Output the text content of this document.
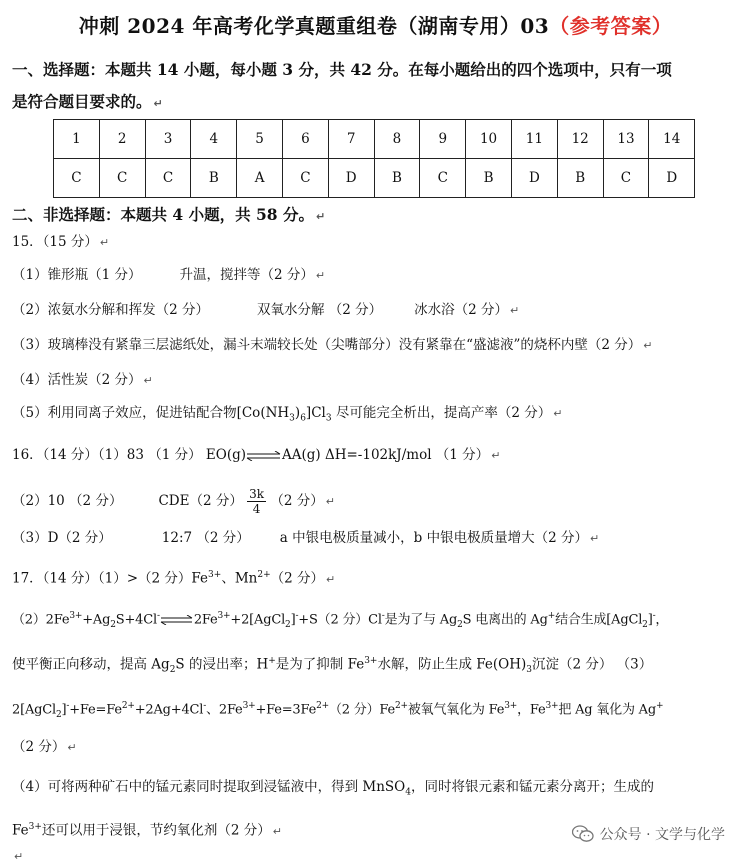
冲刺 2024 年高考化学真题重组卷（湖南专用）03（参考答案）
一、选择题：本题共 14 小题，每小题 3 分，共 42 分。在每小题给出的四个选项中，只有一项
是符合题目要求的。 ↵
1	2	3	4	5	6	7	8	9	10	11	12	13	14
C	C	C	B	A	C	D	B	C	B	D	B	C	D
二、非选择题：本题共 4 小题，共 58 分。 ↵
15．（15 分） ↵
（1）锥形瓶（1 分）	升温，搅拌等（2 分） ↵
（2）浓氨水分解和挥发（2 分）	双氧水分解 （2 分） 冰水浴（2 分） ↵
（3）玻璃棒没有紧靠三层滤纸处，漏斗末端较长处（尖嘴部分）没有紧靠在“盛滤液”的烧杯内壁（2 分） ↵
（4）活性炭（2 分） ↵
（5）利用同离子效应，促进钴配合物$[Co(NH_3)_6]Cl_3$ 尽可能完全析出，提高产率（2 分） ↵
16．（14 分）（1）83 （1 分） EO(g)⇌AA(g) ΔH=-102kJ/mol （1 分） ↵
（2）10 （2 分）	CDE（2 分） $\frac{3k}{4} (2$ 分） ↵
（3）D（2 分）	12:7 （2 分） a 中银电极质量减小，b 中银电极质量增大（2 分） ↵
17．（14 分）（1）>（2 分）$Fe^{3+}$、$Mn^{2+}(2$ 分） ↵
$(2)2Fe^{3+}+Ag_2S+4Cl^-\rightleftharpoons 2Fe^{3+}+2[AgCl_2]^-+S(2$ 分）Cl-是为了与 $Ag_2S$ 电离出的 Ag+结合生成[AgCl$_2$]-，
使平衡正向移动，提高 $Ag_2S$ 的浸出率；H+是为了抑制 $Fe^{3+}$水解，防止生成 $Fe(OH)_3$沉淀（2 分） （3）
$2[AgCl_2]^-+Fe=Fe^{2+}+2Ag+4Cl^-$、$2Fe^{3+}+Fe=3Fe^{2+}(2$ 分）$Fe^{2+}$被氧气氧化为 $Fe^{3+}$，$Fe^{3+}$把 Ag 氧化为 Ag+
（2 分） ↵
（4）可将两种矿石中的锰元素同时提取到浸锰液中，得到 MnSO$_4$，同时将银元素和锰元素分离开；生成的
$Fe^{3+}$还可以用于浸银，节约氧化剂（2 分） ↵
↵
公众号 · 文学与化学
